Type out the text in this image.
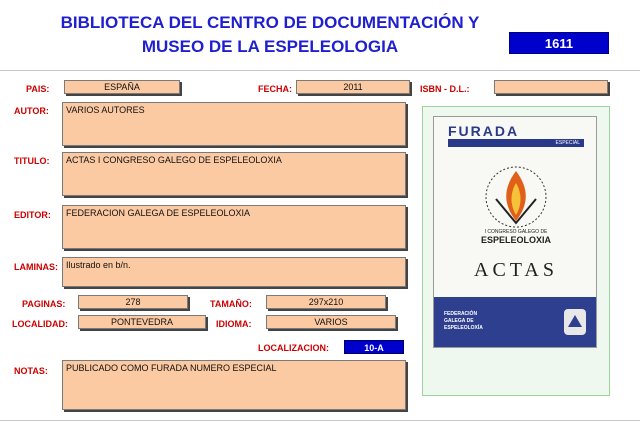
BIBLIOTECA DEL CENTRO DE DOCUMENTACIÓN Y
MUSEO DE LA ESPELEOLOGIA	1611
PAIS:	ESPAÑA	FECHA:	2011	ISBN - D.L.:
AUTOR:	VARIOS AUTORES
TITULO:	ACTAS I CONGRESO GALEGO DE ESPELEOLOXIA
EDITOR:	FEDERACION GALEGA DE ESPELEOLOXIA
LAMINAS: Ilustrado en b/n.
PAGINAS:	278	TAMAÑO:	297x210
LOCALIDAD:	PONTEVEDRA	IDIOMA:	VARIOS
LOCALIZACION:	10-A
NOTAS:	PUBLICADO COMO FURADA NUMERO ESPECIAL
FURADA
ESPECIAL
I CONGRESO GALEGO DE
ESPELEOLOXIA
ACTAS
FEDERACIÓN
GALEGA DE
ESPELEOLOXÍA
